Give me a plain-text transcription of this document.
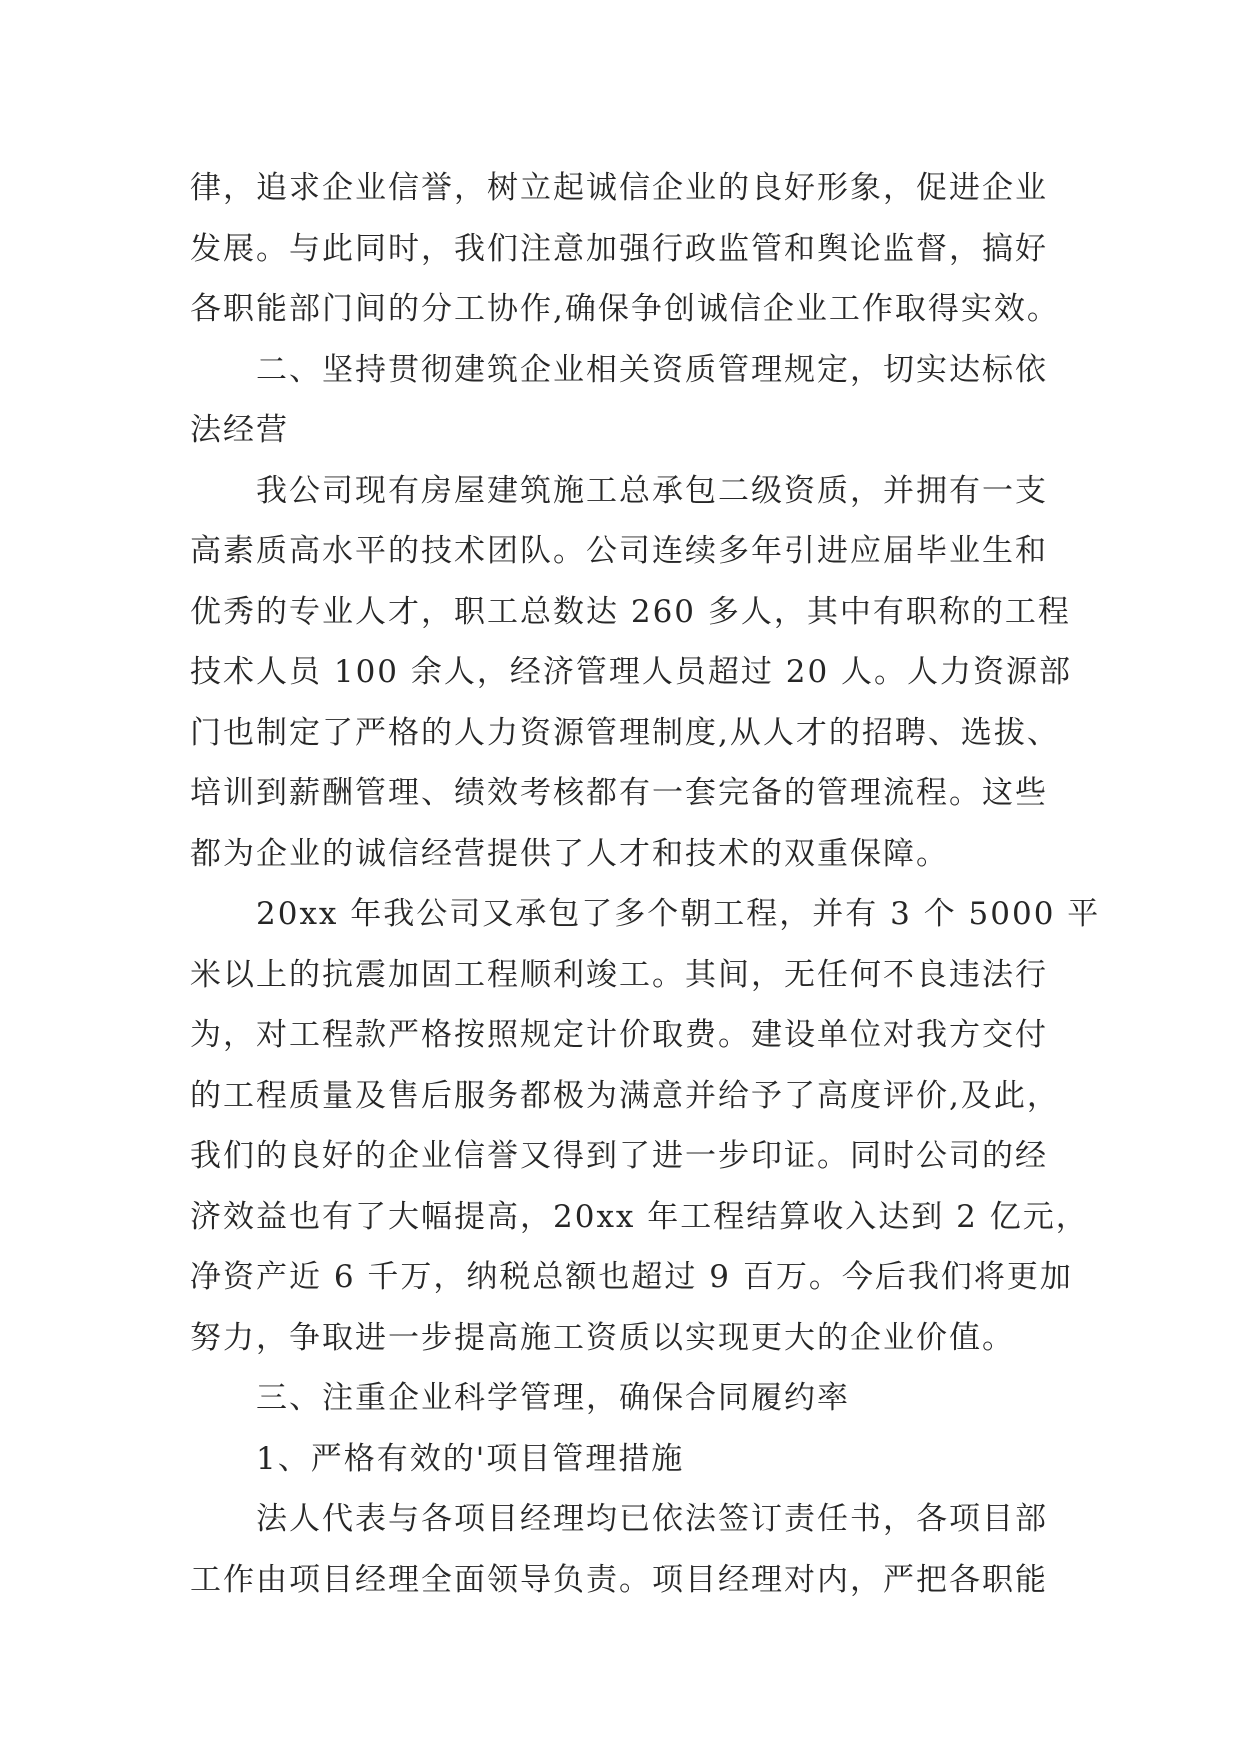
律，追求企业信誉，树立起诚信企业的良好形象，促进企业
发展。与此同时，我们注意加强行政监管和舆论监督，搞好
各职能部门间的分工协作,确保争创诚信企业工作取得实效。
二、坚持贯彻建筑企业相关资质管理规定，切实达标依
法经营
我公司现有房屋建筑施工总承包二级资质，并拥有一支
高素质高水平的技术团队。公司连续多年引进应届毕业生和
优秀的专业人才，职工总数达 260 多人，其中有职称的工程
技术人员 100 余人，经济管理人员超过 20 人。人力资源部
门也制定了严格的人力资源管理制度,从人才的招聘、选拔、
培训到薪酬管理、绩效考核都有一套完备的管理流程。这些
都为企业的诚信经营提供了人才和技术的双重保障。
20xx 年我公司又承包了多个朝工程，并有 3 个 5000 平
米以上的抗震加固工程顺利竣工。其间，无任何不良违法行
为，对工程款严格按照规定计价取费。建设单位对我方交付
的工程质量及售后服务都极为满意并给予了高度评价,及此，
我们的良好的企业信誉又得到了进一步印证。同时公司的经
济效益也有了大幅提高，20xx 年工程结算收入达到 2 亿元，
净资产近 6 千万，纳税总额也超过 9 百万。今后我们将更加
努力，争取进一步提高施工资质以实现更大的企业价值。
三、注重企业科学管理，确保合同履约率
1、严格有效的'项目管理措施
法人代表与各项目经理均已依法签订责任书，各项目部
工作由项目经理全面领导负责。项目经理对内，严把各职能
